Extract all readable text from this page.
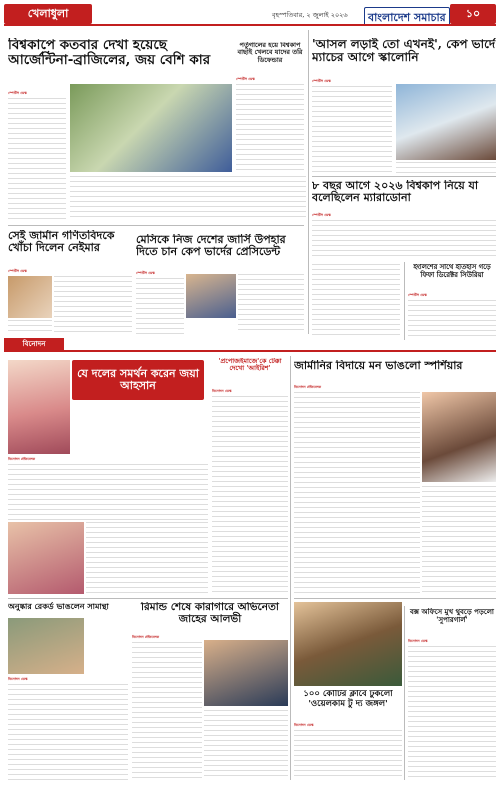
খেলাধুলা	বৃহস্পতিবার, ২ জুলাই ২০২৬	বাংলাদেশ সমাচার	১০
বিশ্বকাপে কতবার দেখা হয়েছে আর্জেন্টিনা-ব্রাজিলের, জয় বেশি কার
স্পোর্টস ডেস্ক
পর্তুগালের হয়ে বিশ্বকাপ বাছাই খেলবে যাদের তরি ডিফেন্ডার
স্পোর্টস ডেস্ক
'আসল লড়াই তো এখনই', কেপ ভার্দে ম্যাচের আগে স্কালোনি
স্পোর্টস ডেস্ক
সেই জার্মান গণিতবিদকে খোঁচা দিলেন নেইমার
স্পোর্টস ডেস্ক
মেসিকে নিজ দেশের জার্সি উপহার দিতে চান কেপ ভার্দের প্রেসিডেন্ট
স্পোর্টস ডেস্ক
৮ বছর আগে ২০২৬ বিশ্বকাপ নিয়ে যা বলেছিলেন ম্যারাডোনা
স্পোর্টস ডেস্ক
ইংলিশের সাথে ইতিহাস গড়ে ফিফা ডিরেক্টর সিউরিয়া
স্পোর্টস ডেস্ক
বিনোদন
যে দলের সমর্থন করেন জয়া আহসান
বিনোদন প্রতিবেদক
'প্রপোজইমাজে'কে টেক্কা দেখো 'আইরিশ'
বিনোদন ডেস্ক
জার্মানির বিদায়ে মন ভাঙলো স্পর্শিয়ার
বিনোদন প্রতিবেদক
অনুষ্কার রেকর্ড ভাঙলেন সামান্থা
বিনোদন ডেস্ক
রিমান্ড শেষে কারাগারে অভিনেতা জাহের আলভী
বিনোদন প্রতিবেদক
১০০ কোটির ক্লাবে ঢুকলো 'ওয়েলকাম টু দ্য জঙ্গল'
বিনোদন ডেস্ক
বক্স অফিসে মুখ থুবড়ে পড়লো 'সুপারগার্ল'
বিনোদন ডেস্ক
